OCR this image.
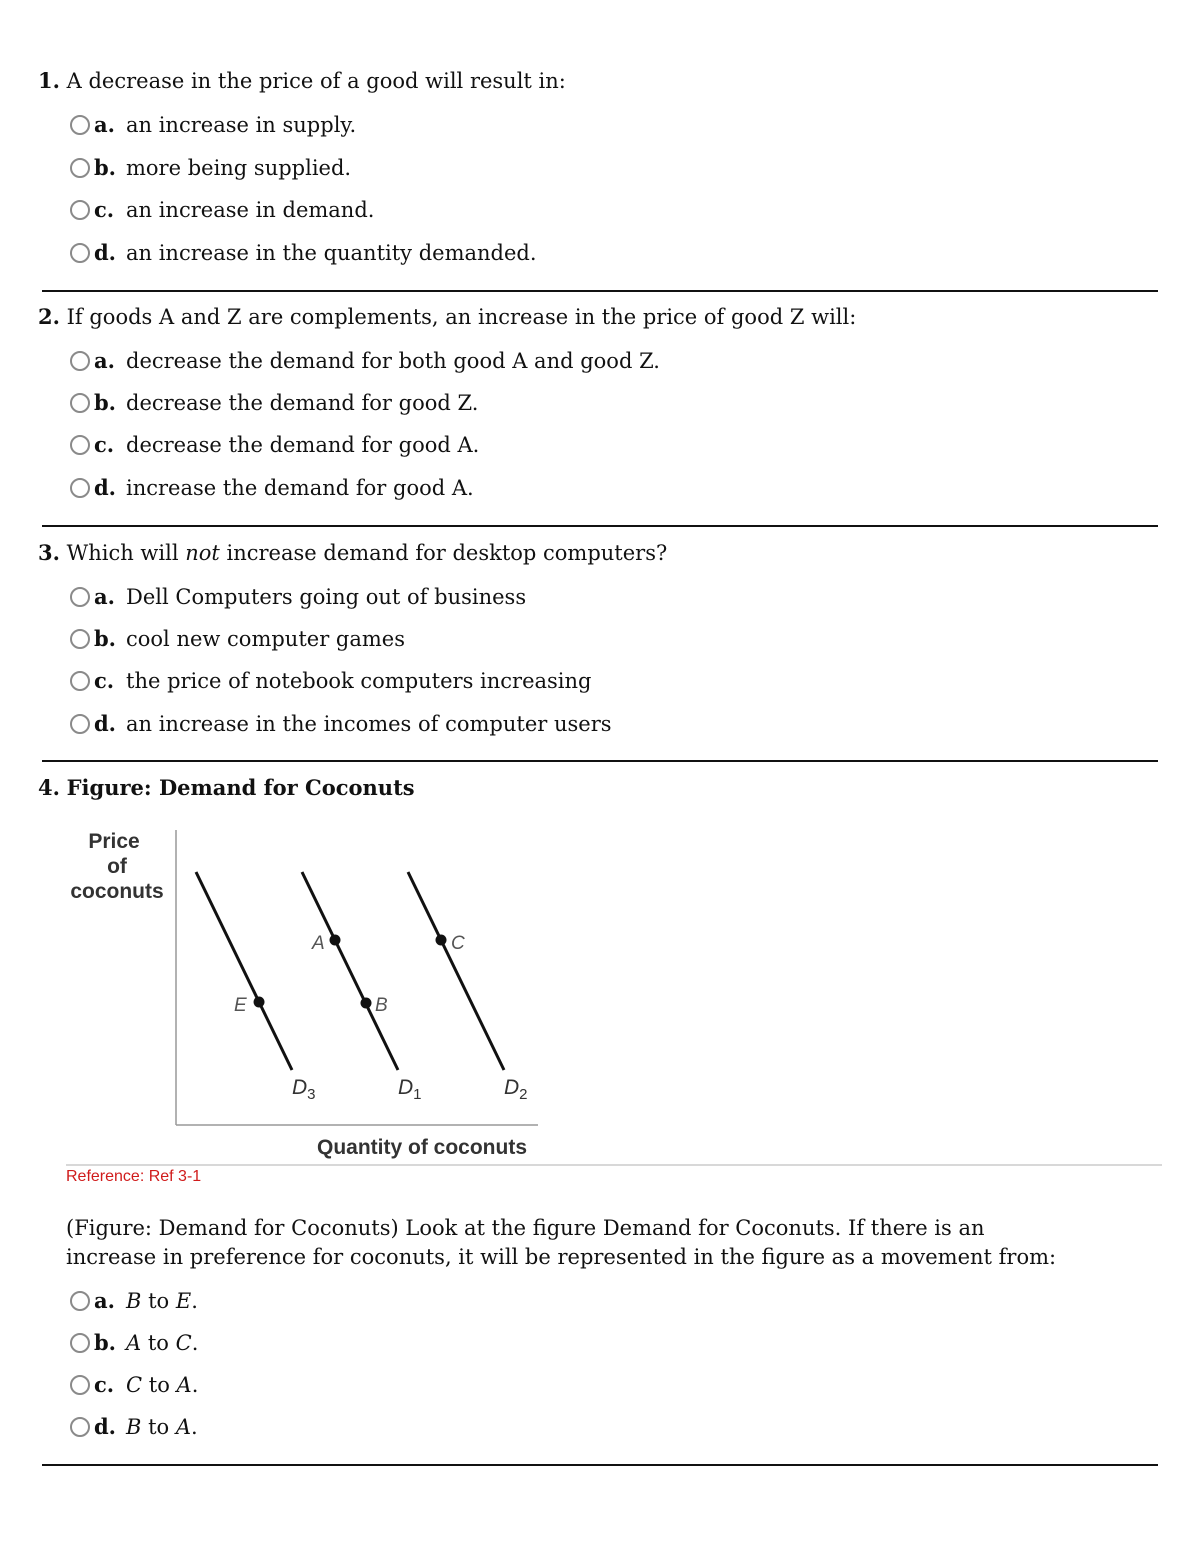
1. A decrease in the price of a good will result in:
a. an increase in supply.
b. more being supplied.
c. an increase in demand.
d. an increase in the quantity demanded.
2. If goods A and Z are complements, an increase in the price of good Z will:
a. decrease the demand for both good A and good Z.
b. decrease the demand for good Z.
c. decrease the demand for good A.
d. increase the demand for good A.
3. Which will not increase demand for desktop computers?
a. Dell Computers going out of business
b. cool new computer games
c. the price of notebook computers increasing
d. an increase in the incomes of computer users
4. Figure: Demand for Coconuts
Price
of
coconuts
Quantity of coconuts
$D_3$	$D_1$	$D_2$
E
A
B
C
Reference: Ref 3-1
(Figure: Demand for Coconuts) Look at the figure Demand for Coconuts. If there is an increase in preference for coconuts, it will be represented in the figure as a movement from:
a. B to E .
b. A to C .
c. C to A .
d. B to A .
